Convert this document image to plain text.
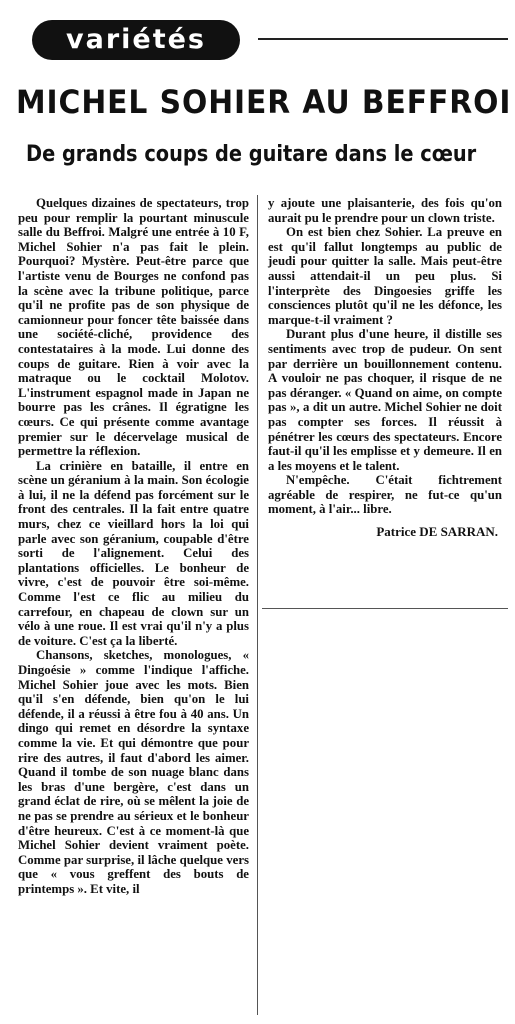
variétés
MICHEL SOHIER AU BEFFROI
De grands coups de guitare dans le cœur

Quelques dizaines de spectateurs, trop peu pour remplir la pourtant minuscule salle du Beffroi. Malgré une entrée à 10 F, Michel Sohier n'a pas fait le plein. Pourquoi? Mystère. Peut-être parce que l'artiste venu de Bourges ne confond pas la scène avec la tribune politique, parce qu'il ne profite pas de son physique de camionneur pour foncer tête baissée dans une société-cliché, providence des contestataires à la mode. Lui donne des coups de guitare. Rien à voir avec la matraque ou le cocktail Molotov. L'instrument espagnol made in Japan ne bourre pas les crânes. Il égratigne les cœurs. Ce qui présente comme avantage premier sur le décervelage musical de permettre la réflexion.

La crinière en bataille, il entre en scène un géranium à la main. Son écologie à lui, il ne la défend pas forcément sur le front des centrales. Il la fait entre quatre murs, chez ce vieillard hors la loi qui parle avec son géranium, coupable d'être sorti de l'alignement. Celui des plantations officielles. Le bonheur de vivre, c'est de pouvoir être soi-même. Comme l'est ce flic au milieu du carrefour, en chapeau de clown sur un vélo à une roue. Il est vrai qu'il n'y a plus de voiture. C'est ça la liberté.

Chansons, sketches, monologues, « Dingoésie » comme l'indique l'affiche. Michel Sohier joue avec les mots. Bien qu'il s'en défende, bien qu'on le lui défende, il a réussi à être fou à 40 ans. Un dingo qui remet en désordre la syntaxe comme la vie. Et qui démontre que pour rire des autres, il faut d'abord les aimer. Quand il tombe de son nuage blanc dans les bras d'une bergère, c'est dans un grand éclat de rire, où se mêlent la joie de ne pas se prendre au sérieux et le bonheur d'être heureux. C'est à ce moment-là que Michel Sohier devient vraiment poète. Comme par surprise, il lâche quelque vers que « vous greffent des bouts de printemps ». Et vite, il

y ajoute une plaisanterie, des fois qu'on aurait pu le prendre pour un clown triste.

On est bien chez Sohier. La preuve en est qu'il fallut longtemps au public de jeudi pour quitter la salle. Mais peut-être aussi attendait-il un peu plus. Si l'interprète des Dingoesies griffe les consciences plutôt qu'il ne les défonce, les marque-t-il vraiment ?

Durant plus d'une heure, il distille ses sentiments avec trop de pudeur. On sent par derrière un bouillonnement contenu. A vouloir ne pas choquer, il risque de ne pas déranger. « Quand on aime, on compte pas », a dit un autre. Michel Sohier ne doit pas compter ses forces. Il réussit à pénétrer les cœurs des spectateurs. Encore faut-il qu'il les emplisse et y demeure. Il en a les moyens et le talent.

N'empêche. C'était fichtrement agréable de respirer, ne fut-ce qu'un moment, à l'air... libre.

Patrice DE SARRAN.
